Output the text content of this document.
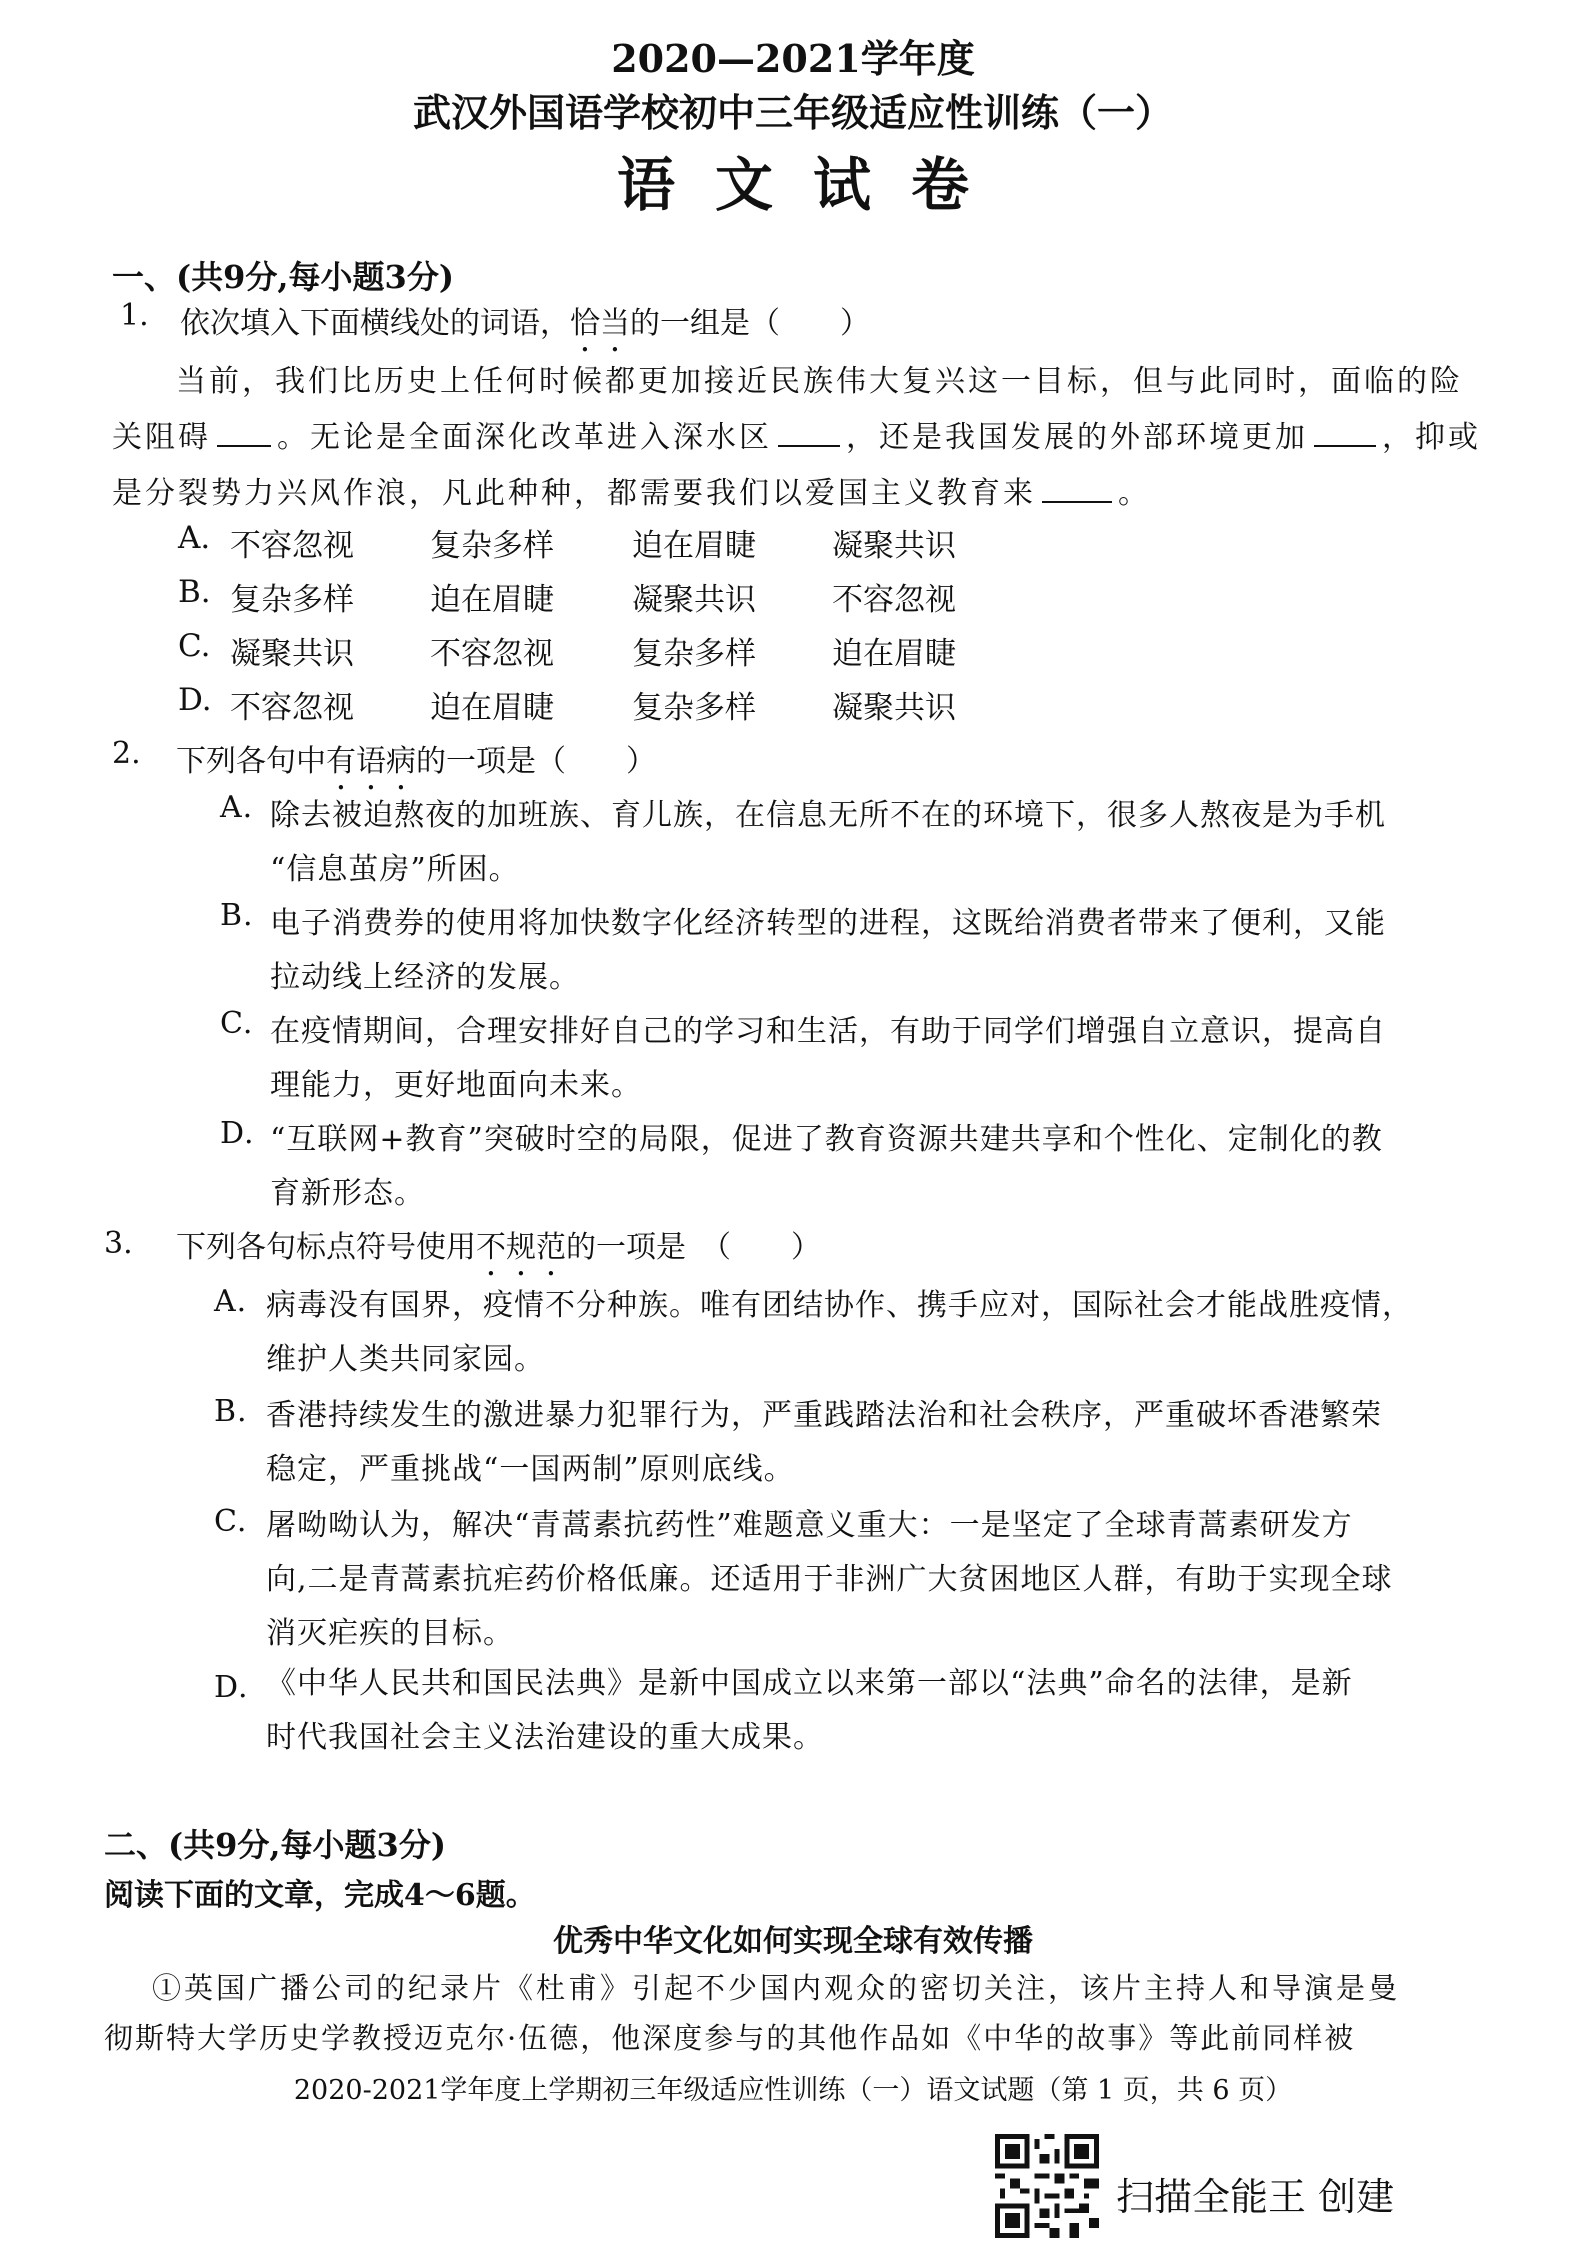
2020—2021学年度
武汉外国语学校初中三年级适应性训练（一）
语文试卷
一、(共9分,每小题3分)
1. 依次填入下面横线处的词语，恰当的一组是（　　）
当前，我们比历史上任何时候都更加接近民族伟大复兴这一目标，但与此同时，面临的险
关阻碍 。无论是全面深化改革进入深水区 ，还是我国发展的外部环境更加 ，抑或
是分裂势力兴风作浪，凡此种种，都需要我们以爱国主义教育来	。
A. 不容忽视	复杂多样	迫在眉睫	凝聚共识
B. 复杂多样	迫在眉睫	凝聚共识	不容忽视
C. 凝聚共识	不容忽视	复杂多样	迫在眉睫
D. 不容忽视	迫在眉睫	复杂多样	凝聚共识
2. 下列各句中有语病的一项是（　　）
A. 除去被迫熬夜的加班族、育儿族，在信息无所不在的环境下，很多人熬夜是为手机
“信息茧房”所困。
B. 电子消费券的使用将加快数字化经济转型的进程，这既给消费者带来了便利，又能
拉动线上经济的发展。
C. 在疫情期间，合理安排好自己的学习和生活，有助于同学们增强自立意识，提高自
理能力，更好地面向未来。
D. “互联网+教育”突破时空的局限，促进了教育资源共建共享和个性化、定制化的教
育新形态。
3. 下列各句标点符号使用不规范的一项是　（　　）
A. 病毒没有国界，疫情不分种族。唯有团结协作、携手应对，国际社会才能战胜疫情，
维护人类共同家园。
B. 香港持续发生的激进暴力犯罪行为，严重践踏法治和社会秩序，严重破坏香港繁荣
稳定，严重挑战“一国两制”原则底线。
C. 屠呦呦认为，解决“青蒿素抗药性”难题意义重大：一是坚定了全球青蒿素研发方
向,二是青蒿素抗疟药价格低廉。还适用于非洲广大贫困地区人群，有助于实现全球
消灭疟疾的目标。
D. 《中华人民共和国民法典》是新中国成立以来第一部以“法典”命名的法律，是新
时代我国社会主义法治建设的重大成果。
二、(共9分,每小题3分)
阅读下面的文章，完成4～6题。
优秀中华文化如何实现全球有效传播
①英国广播公司的纪录片《杜甫》引起不少国内观众的密切关注，该片主持人和导演是曼
彻斯特大学历史学教授迈克尔·伍德，他深度参与的其他作品如《中华的故事》等此前同样被
2020-2021学年度上学期初三年级适应性训练（一）语文试题（第 1 页，共 6 页）
扫描全能王 创建
